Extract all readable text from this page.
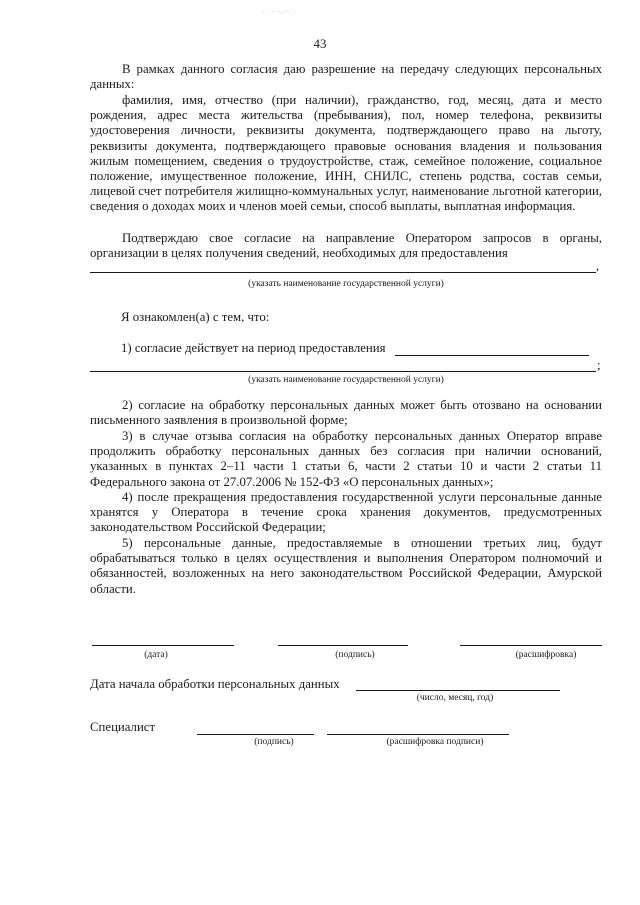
· ·· ·.··.·
43

В рамках данного согласия даю разрешение на передачу следующих персональных данных:

фамилия, имя, отчество (при наличии), гражданство, год, месяц, дата и место рождения, адрес места жительства (пребывания), пол, номер телефона, реквизиты удостоверения личности, реквизиты документа, подтверждающего право на льготу, реквизиты документа, подтверждающего правовые основания владения и пользования жилым помещением, сведения о трудоустройстве, стаж, семейное положение, социальное положение, имущественное положение, ИНН, СНИЛС, степень родства, состав семьи, лицевой счет потребителя жилищно-коммунальных услуг, наименование льготной категории, сведения о доходах моих и членов моей семьи, способ выплаты, выплатная информация.

Подтверждаю свое согласие на направление Оператором запросов в органы, организации в целях получения сведений, необходимых для предоставления

,
(указать наименование государственной услуги)
Я ознакомлен(а) с тем, что:
1) согласие действует на период предоставления
;
(указать наименование государственной услуги)

2) согласие на обработку персональных данных может быть отозвано на основании письменного заявления в произвольной форме;

3) в случае отзыва согласия на обработку персональных данных Оператор вправе продолжить обработку персональных данных без согласия при наличии оснований, указанных в пунктах 2–11 части 1 статьи 6, части 2 статьи 10 и части 2 статьи 11 Федерального закона от 27.07.2006 № 152-ФЗ «О персональных данных»;

4) после прекращения предоставления государственной услуги персональные данные хранятся у Оператора в течение срока хранения документов, предусмотренных законодательством Российской Федерации;

5) персональные данные, предоставляемые в отношении третьих лиц, будут обрабатываться только в целях осуществления и выполнения Оператором полномочий и обязанностей, возложенных на него законодательством Российской Федерации, Амурской области.

(дата)	(подпись)	(расшифровка)
Дата начала обработки персональных данных
(число, месяц, год)
Специалист
(подпись)	(расшифровка подписи)
